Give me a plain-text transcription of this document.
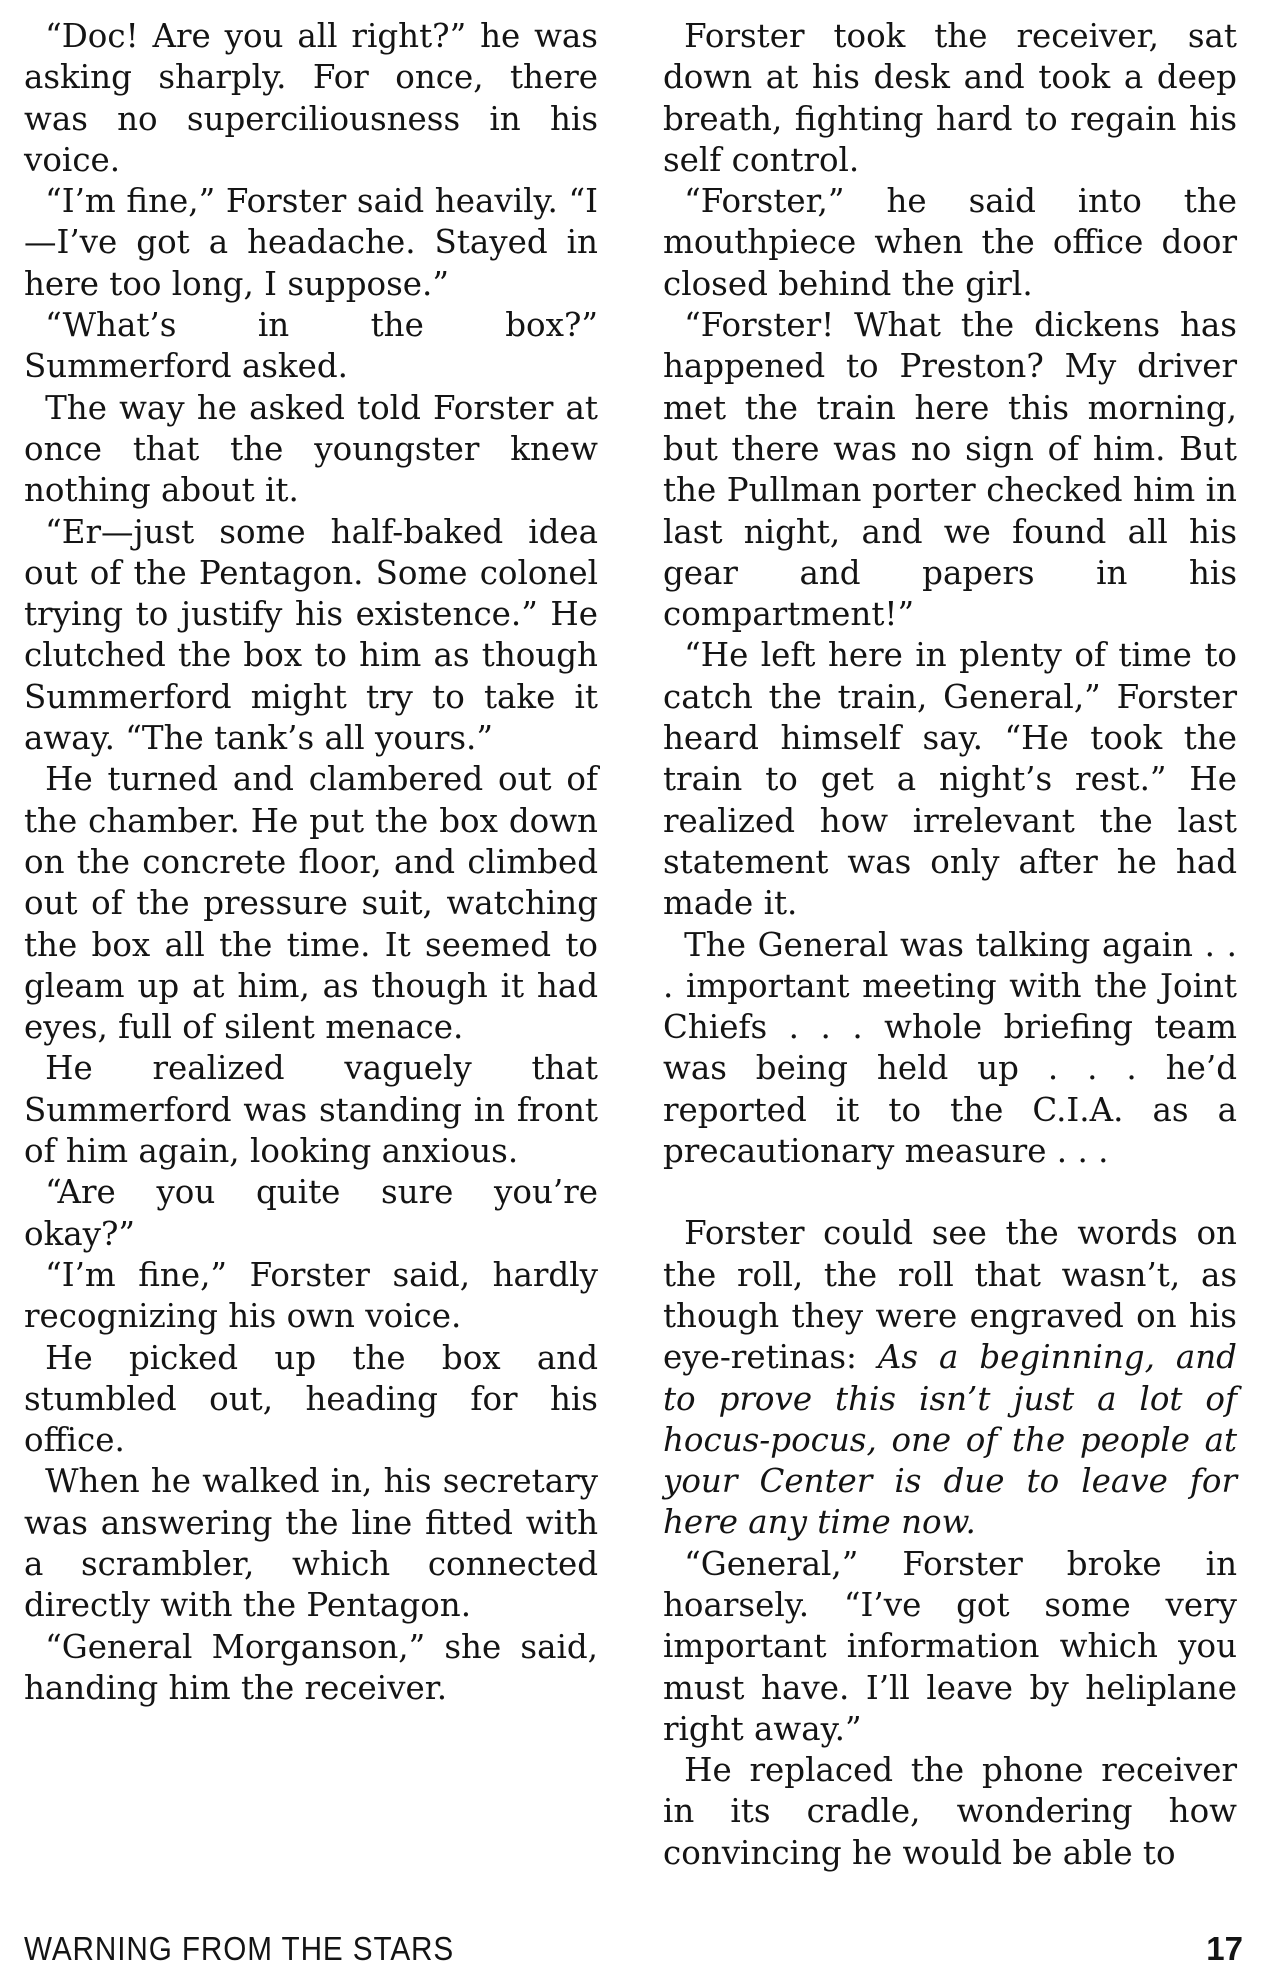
“Doc! Are you all right?” he was asking sharply. For once, there was no superciliousness in his voice.

“I’m fine,” Forster said heavily. “I—I’ve got a headache. Stayed in here too long, I suppose.”

“What’s in the box?” Summerford asked.

The way he asked told Forster at once that the youngster knew nothing about it.

“Er—just some half-baked idea out of the Pentagon. Some colonel trying to justify his existence.” He clutched the box to him as though Summerford might try to take it away. “The tank’s all yours.”

He turned and clambered out of the chamber. He put the box down on the concrete floor, and climbed out of the pressure suit, watching the box all the time. It seemed to gleam up at him, as though it had eyes, full of silent menace.

He realized vaguely that Summerford was standing in front of him again, looking anxious.

“Are you quite sure you’re okay?”

“I’m fine,” Forster said, hardly recognizing his own voice.

He picked up the box and stumbled out, heading for his office.

When he walked in, his secretary was answering the line fitted with a scrambler, which connected directly with the Pentagon.

“General Morganson,” she said, handing him the receiver.

Forster took the receiver, sat down at his desk and took a deep breath, fighting hard to regain his self control.

“Forster,” he said into the mouthpiece when the office door closed behind the girl.

“Forster! What the dickens has happened to Preston? My driver met the train here this morning, but there was no sign of him. But the Pullman porter checked him in last night, and we found all his gear and papers in his compartment!”

“He left here in plenty of time to catch the train, General,” Forster heard himself say. “He took the train to get a night’s rest.” He realized how irrelevant the last statement was only after he had made it.

The General was talking again . . . important meeting with the Joint Chiefs . . . whole briefing team was being held up . . . he’d reported it to the C.I.A. as a precautionary measure . . .

Forster could see the words on the roll, the roll that wasn’t, as though they were engraved on his eye-retinas: As a beginning, and to prove this isn’t just a lot of hocus-pocus, one of the people at your Center is due to leave for here any time now.

“General,” Forster broke in hoarsely. “I’ve got some very important information which you must have. I’ll leave by heliplane right away.”

He replaced the phone receiver in its cradle, wondering how convincing he would be able to

WARNING FROM THE STARS	17
